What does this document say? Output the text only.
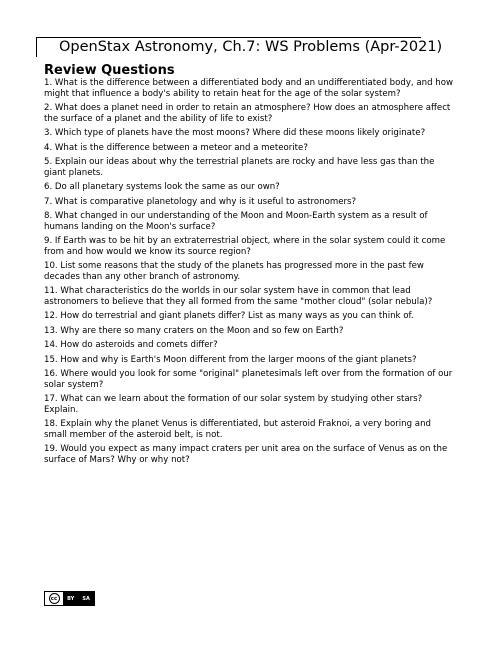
OpenStax Astronomy, Ch.7: WS Problems (Apr-2021)
Review Questions

1. What is the difference between a differentiated body and an undifferentiated body, and how might that influence a body's ability to retain heat for the age of the solar system?

2. What does a planet need in order to retain an atmosphere? How does an atmosphere affect the surface of a planet and the ability of life to exist?

3. Which type of planets have the most moons? Where did these moons likely originate?

4. What is the difference between a meteor and a meteorite?

5. Explain our ideas about why the terrestrial planets are rocky and have less gas than the giant planets.

6. Do all planetary systems look the same as our own?

7. What is comparative planetology and why is it useful to astronomers?

8. What changed in our understanding of the Moon and Moon-Earth system as a result of humans landing on the Moon's surface?

9. If Earth was to be hit by an extraterrestrial object, where in the solar system could it come from and how would we know its source region?

10. List some reasons that the study of the planets has progressed more in the past few decades than any other branch of astronomy.

11. What characteristics do the worlds in our solar system have in common that lead astronomers to believe that they all formed from the same "mother cloud" (solar nebula)?

12. How do terrestrial and giant planets differ? List as many ways as you can think of.

13. Why are there so many craters on the Moon and so few on Earth?

14. How do asteroids and comets differ?

15. How and why is Earth's Moon different from the larger moons of the giant planets?

16. Where would you look for some "original" planetesimals left over from the formation of our solar system?

17. What can we learn about the formation of our solar system by studying other stars? Explain.

18. Explain why the planet Venus is differentiated, but asteroid Fraknoi, a very boring and small member of the asteroid belt, is not.

19. Would you expect as many impact craters per unit area on the surface of Venus as on the surface of Mars? Why or why not?

cc	BY SA
